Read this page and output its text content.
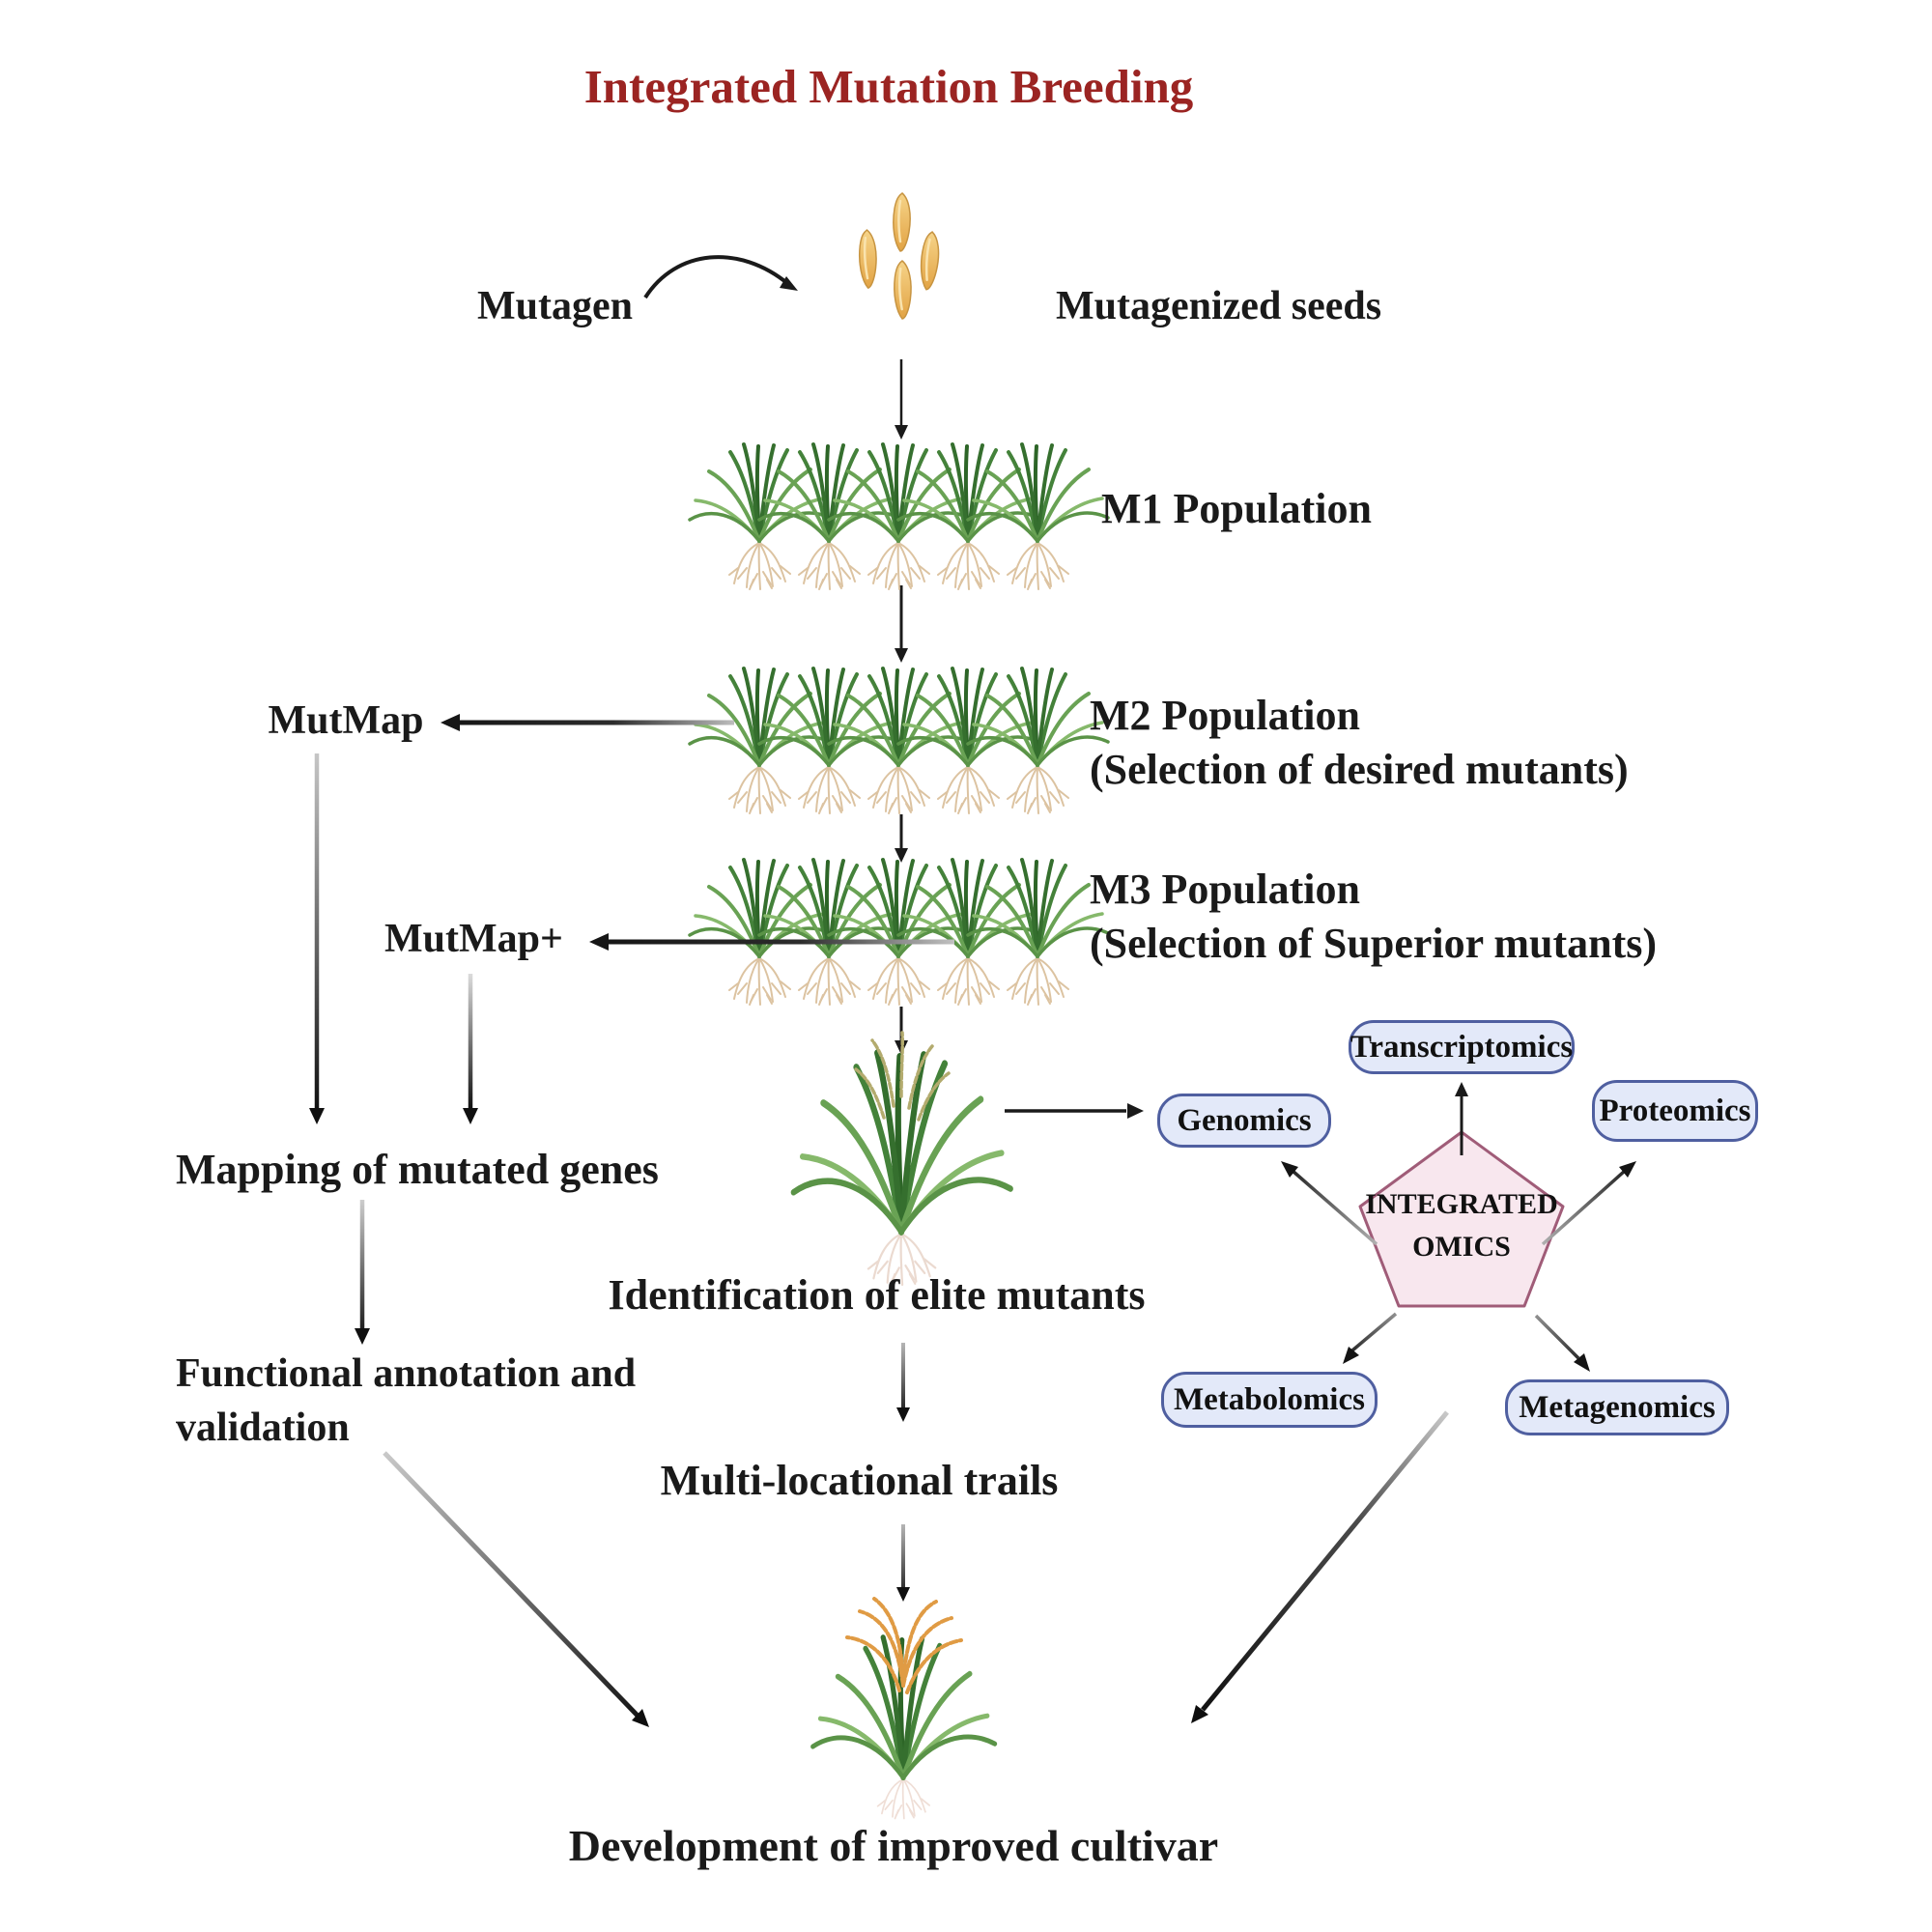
Integrated Mutation Breeding
Mutagen	Mutagenized seeds
M1 Population
M2 Population
(Selection of desired mutants)
M3 Population
(Selection of Superior mutants)
MutMap
MutMap+
Mapping of mutated genes
Functional annotation and
validation
Identification of elite mutants
Multi-locational trails
Development of improved cultivar
Genomics
Transcriptomics
Proteomics
Metabolomics	Metagenomics
INTEGRATED
OMICS
